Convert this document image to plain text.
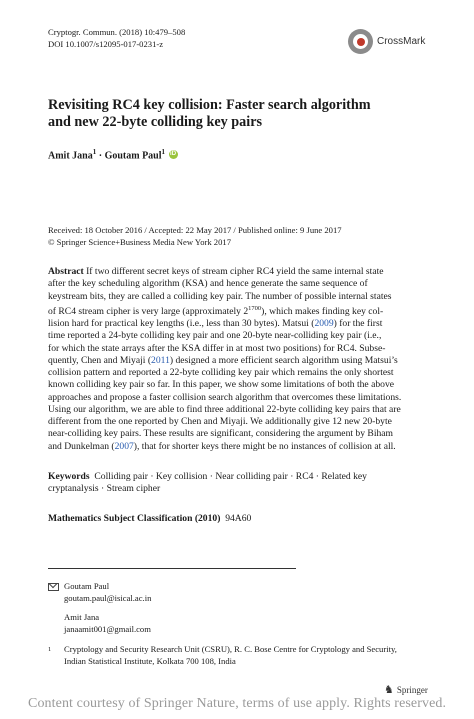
Cryptogr. Commun. (2018) 10:479–508
DOI 10.1007/s12095-017-0231-z	CrossMark
Revisiting RC4 key collision: Faster search algorithm
and new 22-byte colliding key pairs
Amit Jana$^1$ · Goutam Paul$^1$ iD
Received: 18 October 2016 / Accepted: 22 May 2017 / Published online: 9 June 2017
© Springer Science+Business Media New York 2017
Abstract If two different secret keys of stream cipher RC4 yield the same internal state
after the key scheduling algorithm (KSA) and hence generate the same sequence of
keystream bits, they are called a colliding key pair. The number of possible internal states
of RC4 stream cipher is very large (approximately $2^{1700}$), which makes finding key col-
lision hard for practical key lengths (i.e., less than 30 bytes). Matsui (2009) for the first
time reported a 24-byte colliding key pair and one 20-byte near-colliding key pair (i.e.,
for which the state arrays after the KSA differ in at most two positions) for RC4. Subse-
quently, Chen and Miyaji (2011) designed a more efficient search algorithm using Matsui’s
collision pattern and reported a 22-byte colliding key pair which remains the only shortest
known colliding key pair so far. In this paper, we show some limitations of both the above
approaches and propose a faster collision search algorithm that overcomes these limitations.
Using our algorithm, we are able to find three additional 22-byte colliding key pairs that are
different from the one reported by Chen and Miyaji. We additionally give 12 new 20-byte
near-colliding key pairs. These results are significant, considering the argument by Biham
and Dunkelman (2007), that for shorter keys there might be no instances of collision at all.
Keywords Colliding pair · Key collision · Near colliding pair · RC4 · Related key
cryptanalysis · Stream cipher
Mathematics Subject Classification (2010) 94A60
Goutam Paul
goutam.paul@isical.ac.in
Amit Jana
janaamit001@gmail.com
1	Cryptology and Security Research Unit (CSRU), R. C. Bose Centre for Cryptology and Security,
Indian Statistical Institute, Kolkata 700 108, India
♞ Springer
Content courtesy of Springer Nature, terms of use apply. Rights reserved.
